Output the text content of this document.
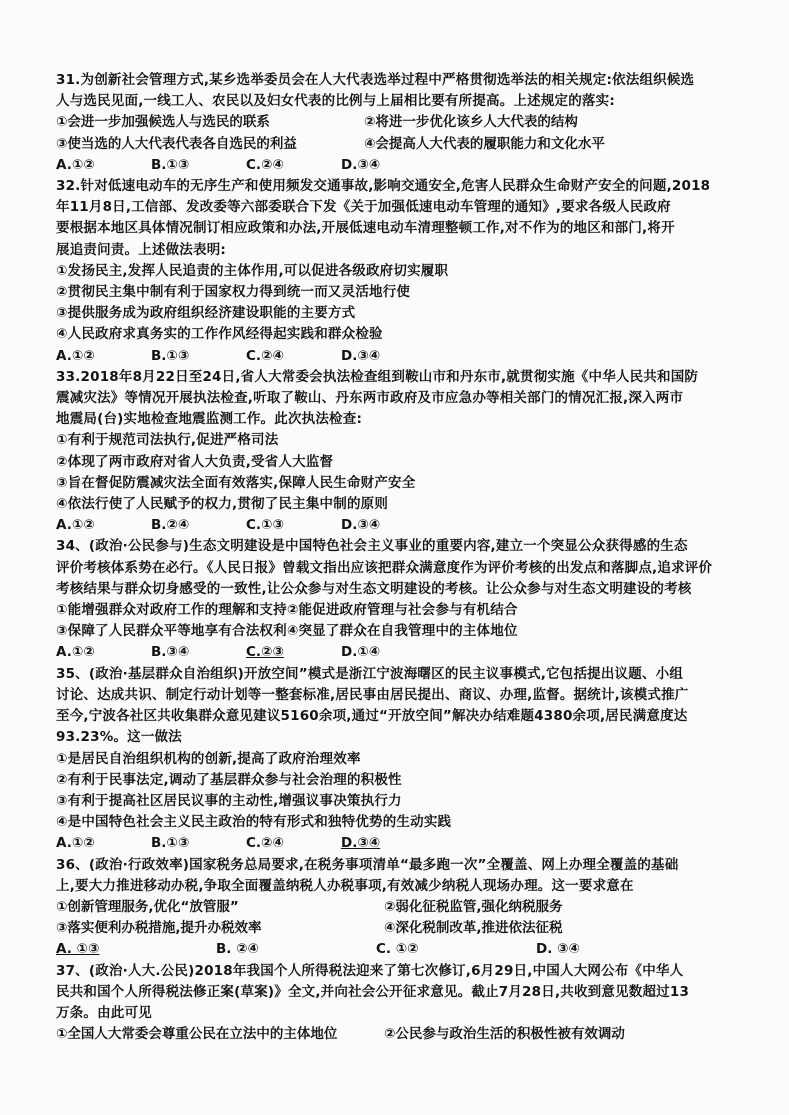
31.为创新社会管理方式,某乡选举委员会在人大代表选举过程中严格贯彻选举法的相关规定:依法组织候选
人与选民见面,一线工人、农民以及妇女代表的比例与上届相比要有所提高。上述规定的落实:
①会进一步加强候选人与选民的联系	②将进一步优化该乡人大代表的结构
③使当选的人大代表代表各自选民的利益	④会提高人大代表的履职能力和文化水平
A.①②	B.①③	C.②④	D.③④
32.针对低速电动车的无序生产和使用频发交通事故,影响交通安全,危害人民群众生命财产安全的问题,2018
年11月8日,工信部、发改委等六部委联合下发《关于加强低速电动车管理的通知》,要求各级人民政府
要根据本地区具体情况制订相应政策和办法,开展低速电动车清理整顿工作,对不作为的地区和部门,将开
展追责问责。上述做法表明:
①发扬民主,发挥人民追责的主体作用,可以促进各级政府切实履职
②贯彻民主集中制有利于国家权力得到统一而又灵活地行使
③提供服务成为政府组织经济建设职能的主要方式
④人民政府求真务实的工作作风经得起实践和群众检验
A.①②	B.①③	C.②④	D.③④
33.2018年8月22日至24日,省人大常委会执法检查组到鞍山市和丹东市,就贯彻实施《中华人民共和国防
震减灾法》等情况开展执法检查,听取了鞍山、丹东两市政府及市应急办等相关部门的情况汇报,深入两市
地震局(台)实地检查地震监测工作。此次执法检查:
①有利于规范司法执行,促进严格司法
②体现了两市政府对省人大负责,受省人大监督
③旨在督促防震减灾法全面有效落实,保障人民生命财产安全
④依法行使了人民赋予的权力,贯彻了民主集中制的原则
A.①②	B.②④	C.①③	D.③④
34、(政治·公民参与)生态文明建设是中国特色社会主义事业的重要内容,建立一个突显公众获得感的生态
评价考核体系势在必行。《人民日报》曾载文指出应该把群众满意度作为评价考核的出发点和落脚点,追求评价
考核结果与群众切身感受的一致性,让公众参与对生态文明建设的考核。让公众参与对生态文明建设的考核
①能增强群众对政府工作的理解和支持②能促进政府管理与社会参与有机结合
③保障了人民群众平等地享有合法权利④突显了群众在自我管理中的主体地位
A.①②	B.③④	C.②③	D.①④
35、(政治·基层群众自治组织)开放空间”模式是浙江宁波海曙区的民主议事模式,它包括提出议题、小组
讨论、达成共识、制定行动计划等一整套标准,居民事由居民提出、商议、办理,监督。据统计,该模式推广
至今,宁波各社区共收集群众意见建议5160余项,通过“开放空间”解决办结难题4380余项,居民满意度达
93.23%。这一做法
①是居民自治组织机构的创新,提高了政府治理效率
②有利于民事法定,调动了基层群众参与社会治理的积极性
③有利于提高社区居民议事的主动性,增强议事决策执行力
④是中国特色社会主义民主政治的特有形式和独特优势的生动实践
A.①②	B.①③	C.②④	D.③④
36、(政治·行政效率)国家税务总局要求,在税务事项清单“最多跑一次”全覆盖、网上办理全覆盖的基础
上,要大力推进移动办税,争取全面覆盖纳税人办税事项,有效减少纳税人现场办理。这一要求意在
①创新管理服务,优化“放管服”	②弱化征税监管,强化纳税服务
③落实便利办税措施,提升办税效率	④深化税制改革,推进依法征税
A. ①③	B. ②④	C. ①②	D. ③④
37、(政治·人大.公民)2018年我国个人所得税法迎来了第七次修订,6月29日,中国人大网公布《中华人
民共和国个人所得税法修正案(草案)》全文,并向社会公开征求意见。截止7月28日,共收到意见数超过13
万条。由此可见
①全国人大常委会尊重公民在立法中的主体地位	②公民参与政治生活的积极性被有效调动
